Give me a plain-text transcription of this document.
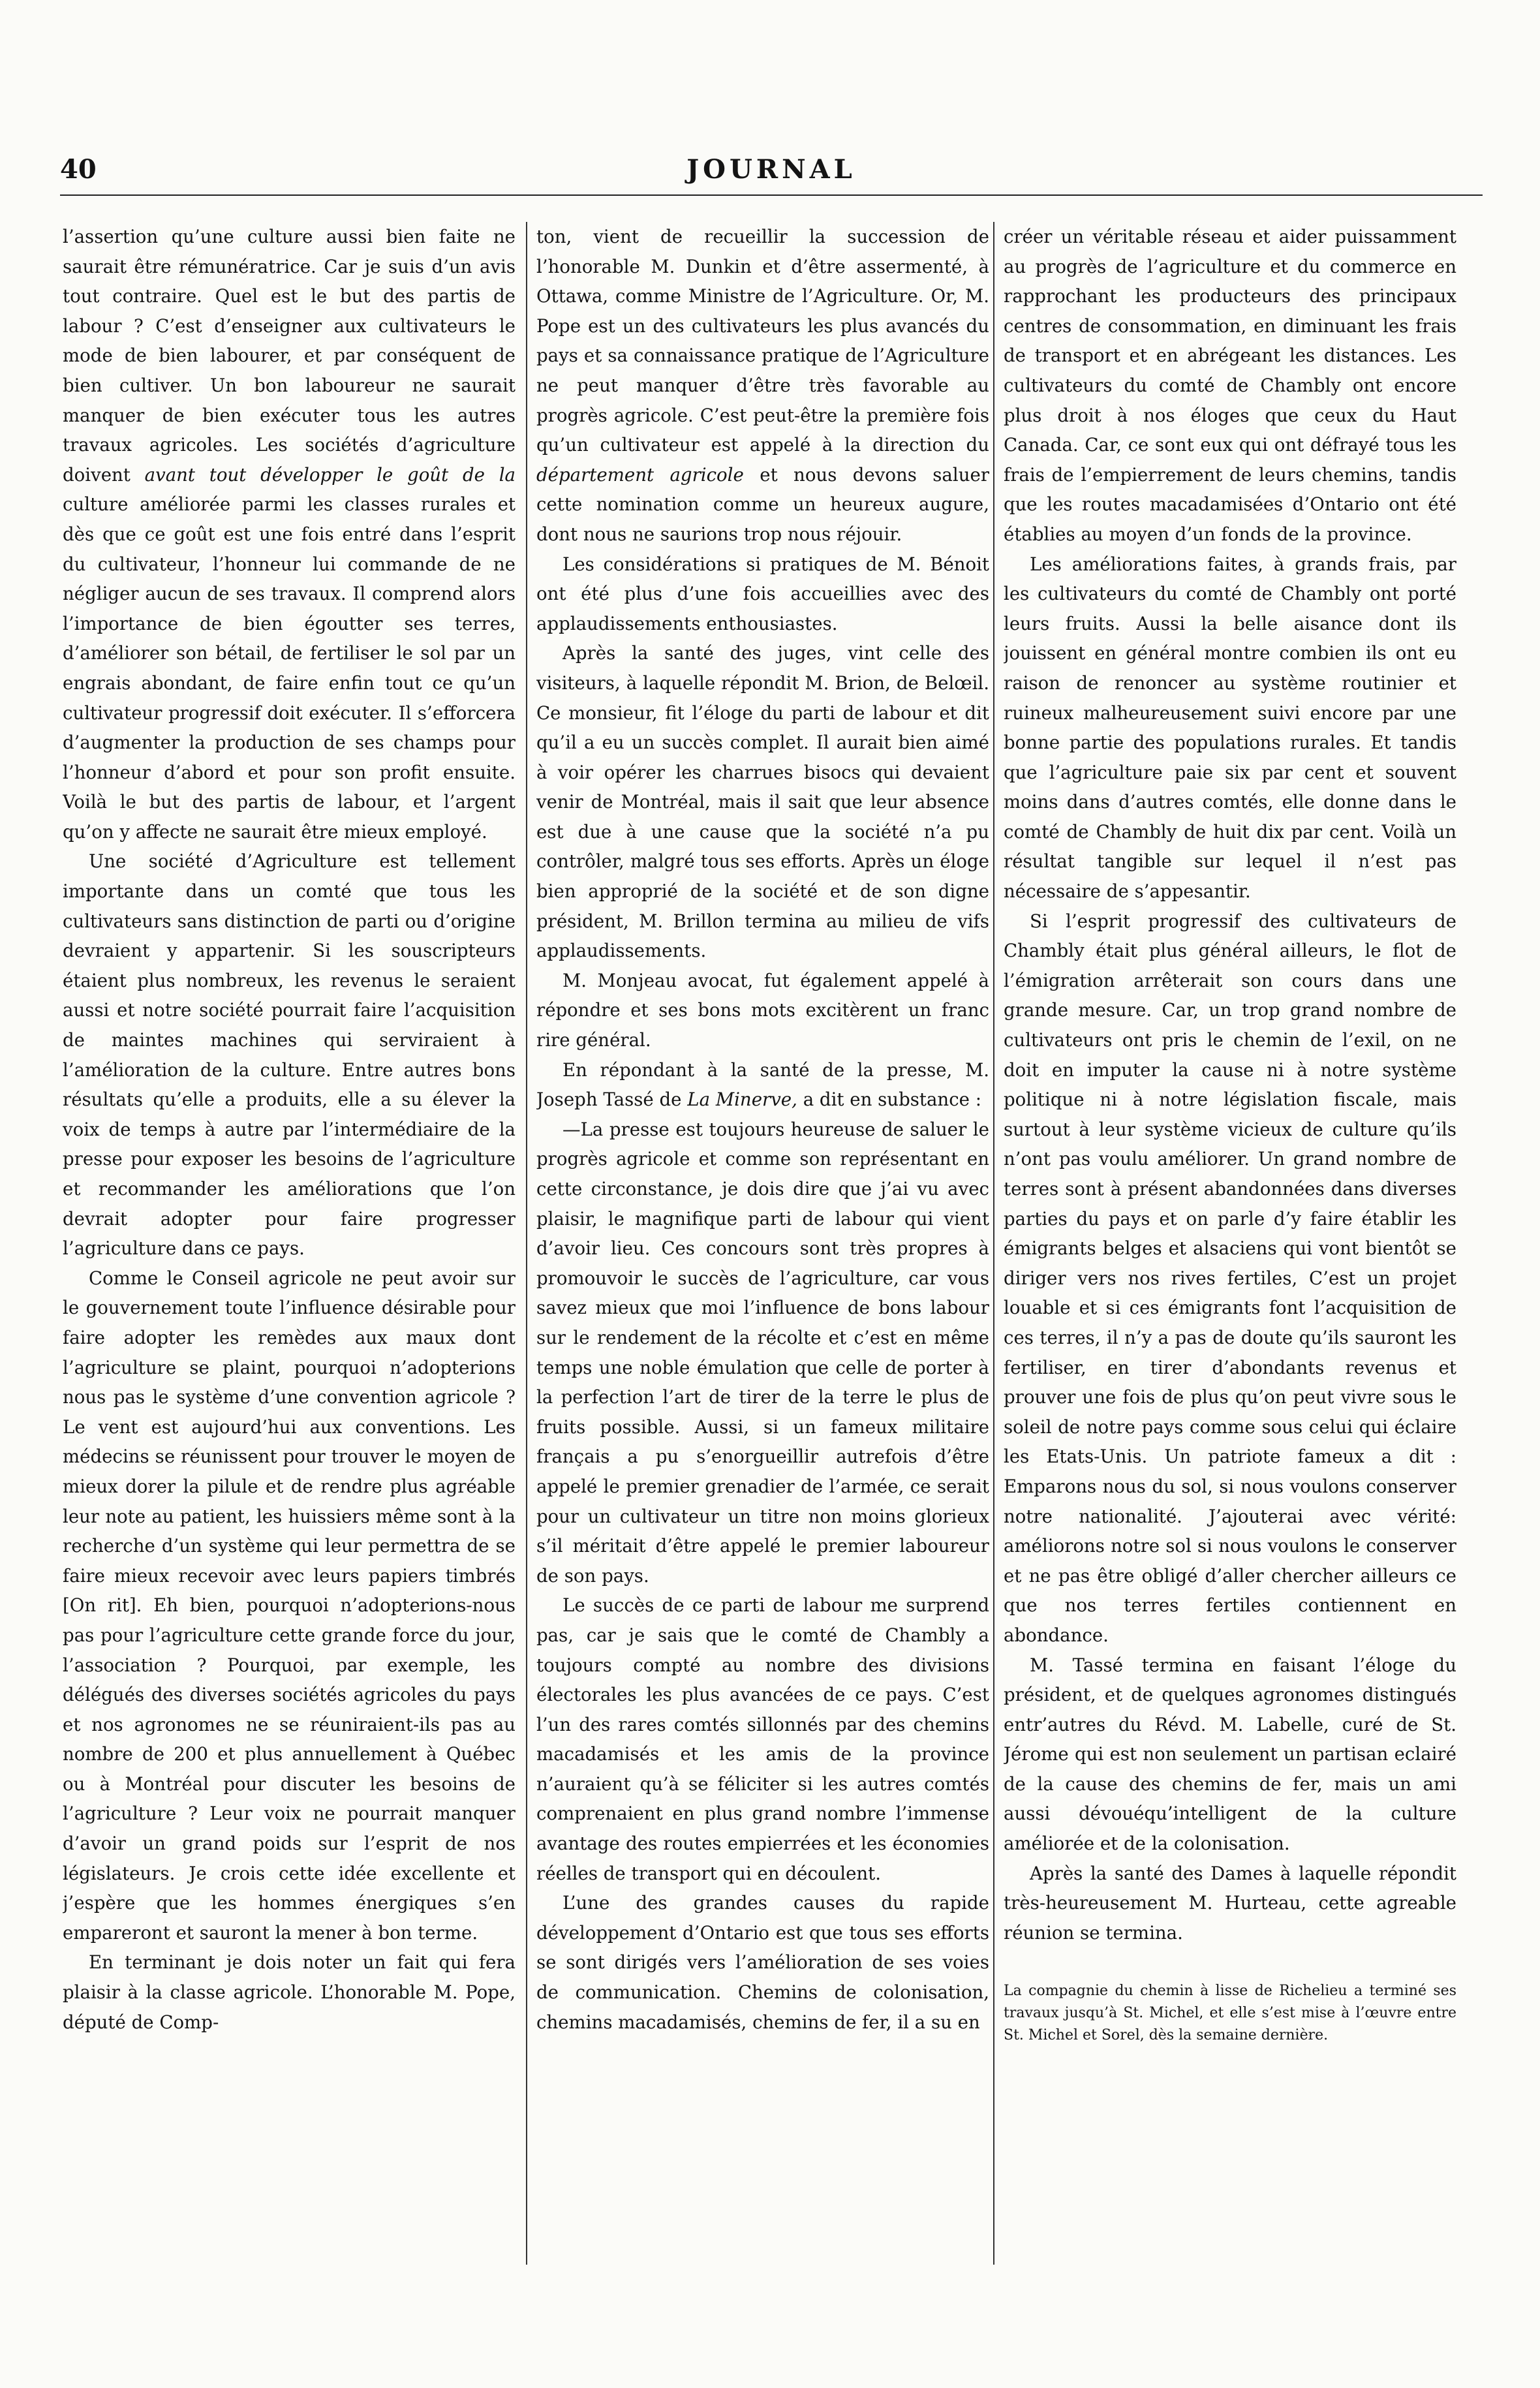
40	JOURNAL

l’assertion qu’une culture aussi bien faite ne saurait être rémunératrice. Car je suis d’un avis tout contraire. Quel est le but des partis de labour ? C’est d’enseigner aux cultivateurs le mode de bien labourer, et par conséquent de bien cultiver. Un bon laboureur ne saurait manquer de bien exécuter tous les autres travaux agricoles. Les sociétés d’agriculture doivent avant tout développer le goût de la culture améliorée parmi les classes rurales et dès que ce goût est une fois entré dans l’esprit du cultivateur, l’honneur lui commande de ne négliger aucun de ses travaux. Il comprend alors l’importance de bien égoutter ses terres, d’améliorer son bétail, de fertiliser le sol par un engrais abondant, de faire enfin tout ce qu’un cultivateur progressif doit exécuter. Il s’efforcera d’augmenter la production de ses champs pour l’honneur d’abord et pour son profit ensuite. Voilà le but des partis de labour, et l’argent qu’on y affecte ne saurait être mieux employé.

Une société d’Agriculture est tellement importante dans un comté que tous les cultivateurs sans distinction de parti ou d’origine devraient y appartenir. Si les souscripteurs étaient plus nombreux, les revenus le seraient aussi et notre société pourrait faire l’acquisition de maintes machines qui serviraient à l’amélioration de la culture. Entre autres bons résultats qu’elle a produits, elle a su élever la voix de temps à autre par l’intermédiaire de la presse pour exposer les besoins de l’agriculture et recommander les améliorations que l’on devrait adopter pour faire progresser l’agriculture dans ce pays.

Comme le Conseil agricole ne peut avoir sur le gouvernement toute l’influence désirable pour faire adopter les remèdes aux maux dont l’agriculture se plaint, pourquoi n’adopterions nous pas le système d’une convention agricole ? Le vent est aujourd’hui aux conventions. Les médecins se réunissent pour trouver le moyen de mieux dorer la pilule et de rendre plus agréable leur note au patient, les huissiers même sont à la recherche d’un système qui leur permettra de se faire mieux recevoir avec leurs papiers timbrés [On rit]. Eh bien, pourquoi n’adopterions-nous pas pour l’agriculture cette grande force du jour, l’association ? Pourquoi, par exemple, les délégués des diverses sociétés agricoles du pays et nos agronomes ne se réuniraient-ils pas au nombre de 200 et plus annuellement à Québec ou à Montréal pour discuter les besoins de l’agriculture ? Leur voix ne pourrait manquer d’avoir un grand poids sur l’esprit de nos législateurs. Je crois cette idée excellente et j’espère que les hommes énergiques s’en empareront et sauront la mener à bon terme.

En terminant je dois noter un fait qui fera plaisir à la classe agricole. L’honorable M. Pope, député de Comp-

ton, vient de recueillir la succession de l’honorable M. Dunkin et d’être assermenté, à Ottawa, comme Ministre de l’Agriculture. Or, M. Pope est un des cultivateurs les plus avancés du pays et sa connaissance pratique de l’Agriculture ne peut manquer d’être très favorable au progrès agricole. C’est peut-être la première fois qu’un cultivateur est appelé à la direction du département agricole et nous devons saluer cette nomination comme un heureux augure, dont nous ne saurions trop nous réjouir.

Les considérations si pratiques de M. Bénoit ont été plus d’une fois accueillies avec des applaudissements enthousiastes.

Après la santé des juges, vint celle des visiteurs, à laquelle répondit M. Brion, de Belœil. Ce monsieur, fit l’éloge du parti de labour et dit qu’il a eu un succès complet. Il aurait bien aimé à voir opérer les charrues bisocs qui devaient venir de Montréal, mais il sait que leur absence est due à une cause que la société n’a pu contrôler, malgré tous ses efforts. Après un éloge bien approprié de la société et de son digne président, M. Brillon termina au milieu de vifs applaudissements.

M. Monjeau avocat, fut également appelé à répondre et ses bons mots excitèrent un franc rire général.

En répondant à la santé de la presse, M. Joseph Tassé de La Minerve, a dit en substance :

—La presse est toujours heureuse de saluer le progrès agricole et comme son représentant en cette circonstance, je dois dire que j’ai vu avec plaisir, le magnifique parti de labour qui vient d’avoir lieu. Ces concours sont très propres à promouvoir le succès de l’agriculture, car vous savez mieux que moi l’influence de bons labour sur le rendement de la récolte et c’est en même temps une noble émulation que celle de porter à la perfection l’art de tirer de la terre le plus de fruits possible. Aussi, si un fameux militaire français a pu s’enorgueillir autrefois d’être appelé le premier grenadier de l’armée, ce serait pour un cultivateur un titre non moins glorieux s’il méritait d’être appelé le premier laboureur de son pays.

Le succès de ce parti de labour me surprend pas, car je sais que le comté de Chambly a toujours compté au nombre des divisions électorales les plus avancées de ce pays. C’est l’un des rares comtés sillonnés par des chemins macadamisés et les amis de la province n’auraient qu’à se féliciter si les autres comtés comprenaient en plus grand nombre l’immense avantage des routes empierrées et les économies réelles de transport qui en découlent.

L’une des grandes causes du rapide développement d’Ontario est que tous ses efforts se sont dirigés vers l’amélioration de ses voies de communication. Chemins de colonisation, chemins macadamisés, chemins de fer, il a su en

créer un véritable réseau et aider puissamment au progrès de l’agriculture et du commerce en rapprochant les producteurs des principaux centres de consommation, en diminuant les frais de transport et en abrégeant les distances. Les cultivateurs du comté de Chambly ont encore plus droit à nos éloges que ceux du Haut Canada. Car, ce sont eux qui ont défrayé tous les frais de l’empierrement de leurs chemins, tandis que les routes macadamisées d’Ontario ont été établies au moyen d’un fonds de la province.

Les améliorations faites, à grands frais, par les cultivateurs du comté de Chambly ont porté leurs fruits. Aussi la belle aisance dont ils jouissent en général montre combien ils ont eu raison de renoncer au système routinier et ruineux malheureusement suivi encore par une bonne partie des populations rurales. Et tandis que l’agriculture paie six par cent et souvent moins dans d’autres comtés, elle donne dans le comté de Chambly de huit dix par cent. Voilà un résultat tangible sur lequel il n’est pas nécessaire de s’appesantir.

Si l’esprit progressif des cultivateurs de Chambly était plus général ailleurs, le flot de l’émigration arrêterait son cours dans une grande mesure. Car, un trop grand nombre de cultivateurs ont pris le chemin de l’exil, on ne doit en imputer la cause ni à notre système politique ni à notre législation fiscale, mais surtout à leur système vicieux de culture qu’ils n’ont pas voulu améliorer. Un grand nombre de terres sont à présent abandonnées dans diverses parties du pays et on parle d’y faire établir les émigrants belges et alsaciens qui vont bientôt se diriger vers nos rives fertiles, C’est un projet louable et si ces émigrants font l’acquisition de ces terres, il n’y a pas de doute qu’ils sauront les fertiliser, en tirer d’abondants revenus et prouver une fois de plus qu’on peut vivre sous le soleil de notre pays comme sous celui qui éclaire les Etats-Unis. Un patriote fameux a dit : Emparons nous du sol, si nous voulons conserver notre nationalité. J’ajouterai avec vérité: améliorons notre sol si nous voulons le conserver et ne pas être obligé d’aller chercher ailleurs ce que nos terres fertiles contiennent en abondance.

M. Tassé termina en faisant l’éloge du président, et de quelques agronomes distingués entr’autres du Révd. M. Labelle, curé de St. Jérome qui est non seulement un partisan eclairé de la cause des chemins de fer, mais un ami aussi dévouéqu’intelligent de la culture améliorée et de la colonisation.

Après la santé des Dames à laquelle répondit très-heureusement M. Hurteau, cette agreable réunion se termina.

La compagnie du chemin à lisse de Richelieu a terminé ses travaux jusqu’à St. Michel, et elle s’est mise à l’œuvre entre St. Michel et Sorel, dès la semaine dernière.
